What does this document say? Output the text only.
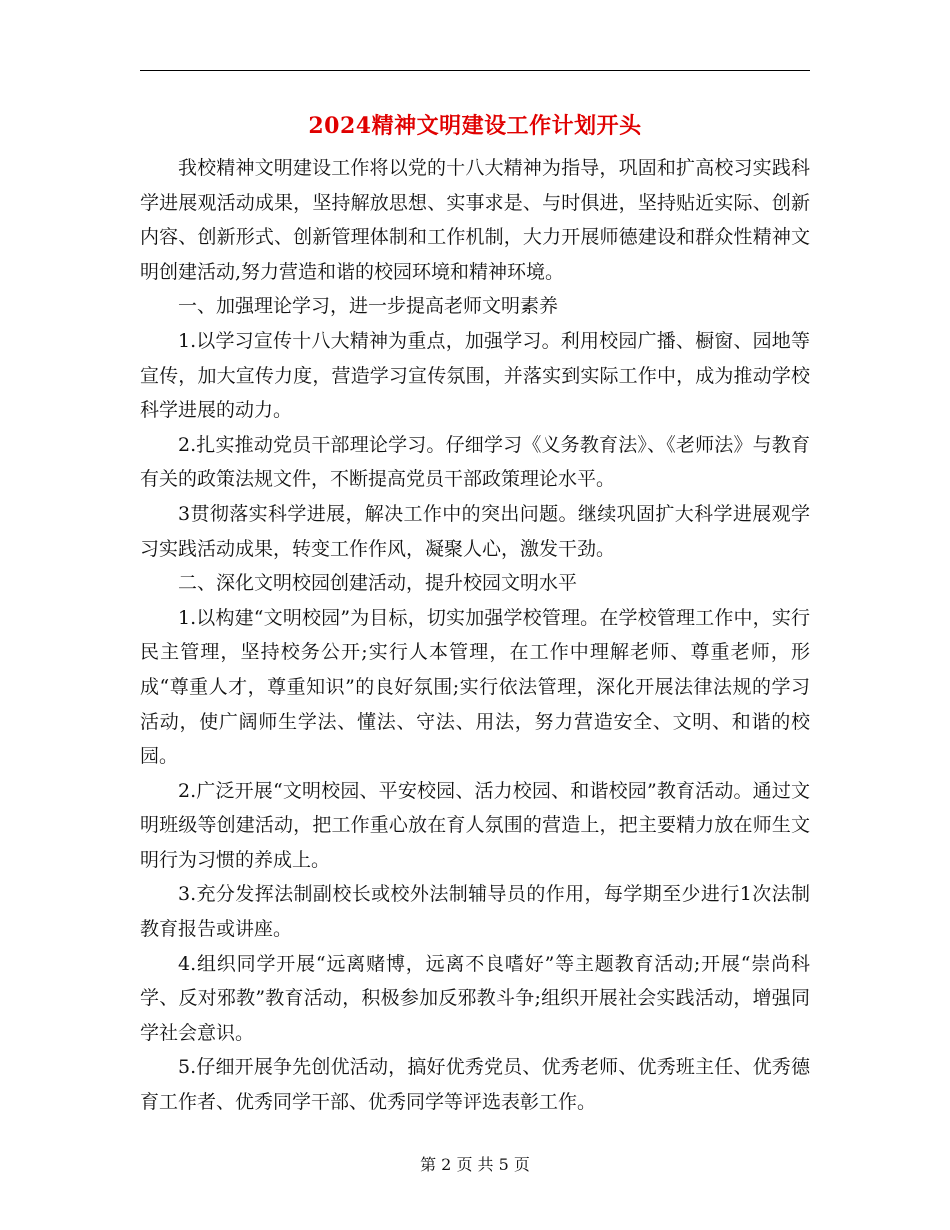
2024精神文明建设工作计划开头

我校精神文明建设工作将以党的十八大精神为指导，巩固和扩高校习实践科学进展观活动成果，坚持解放思想、实事求是、与时俱进，坚持贴近实际、创新内容、创新形式、创新管理体制和工作机制，大力开展师德建设和群众性精神文明创建活动,努力营造和谐的校园环境和精神环境。

一、加强理论学习，进一步提高老师文明素养

1.以学习宣传十八大精神为重点，加强学习。利用校园广播、橱窗、园地等宣传，加大宣传力度，营造学习宣传氛围，并落实到实际工作中，成为推动学校科学进展的动力。

2.扎实推动党员干部理论学习。仔细学习《义务教育法》、《老师法》与教育有关的政策法规文件，不断提高党员干部政策理论水平。

3贯彻落实科学进展，解决工作中的突出问题。继续巩固扩大科学进展观学习实践活动成果，转变工作作风，凝聚人心，激发干劲。

二、深化文明校园创建活动，提升校园文明水平

1.以构建“文明校园”为目标，切实加强学校管理。在学校管理工作中，实行民主管理，坚持校务公开;实行人本管理，在工作中理解老师、尊重老师，形成“尊重人才，尊重知识”的良好氛围;实行依法管理，深化开展法律法规的学习活动，使广阔师生学法、懂法、守法、用法，努力营造安全、文明、和谐的校园。

2.广泛开展“文明校园、平安校园、活力校园、和谐校园”教育活动。通过文明班级等创建活动，把工作重心放在育人氛围的营造上，把主要精力放在师生文明行为习惯的养成上。

3.充分发挥法制副校长或校外法制辅导员的作用，每学期至少进行1次法制教育报告或讲座。

4.组织同学开展“远离赌博，远离不良嗜好”等主题教育活动;开展“崇尚科学、反对邪教”教育活动，积极参加反邪教斗争;组织开展社会实践活动，增强同学社会意识。

5.仔细开展争先创优活动，搞好优秀党员、优秀老师、优秀班主任、优秀德育工作者、优秀同学干部、优秀同学等评选表彰工作。

第 2 页 共 5 页
